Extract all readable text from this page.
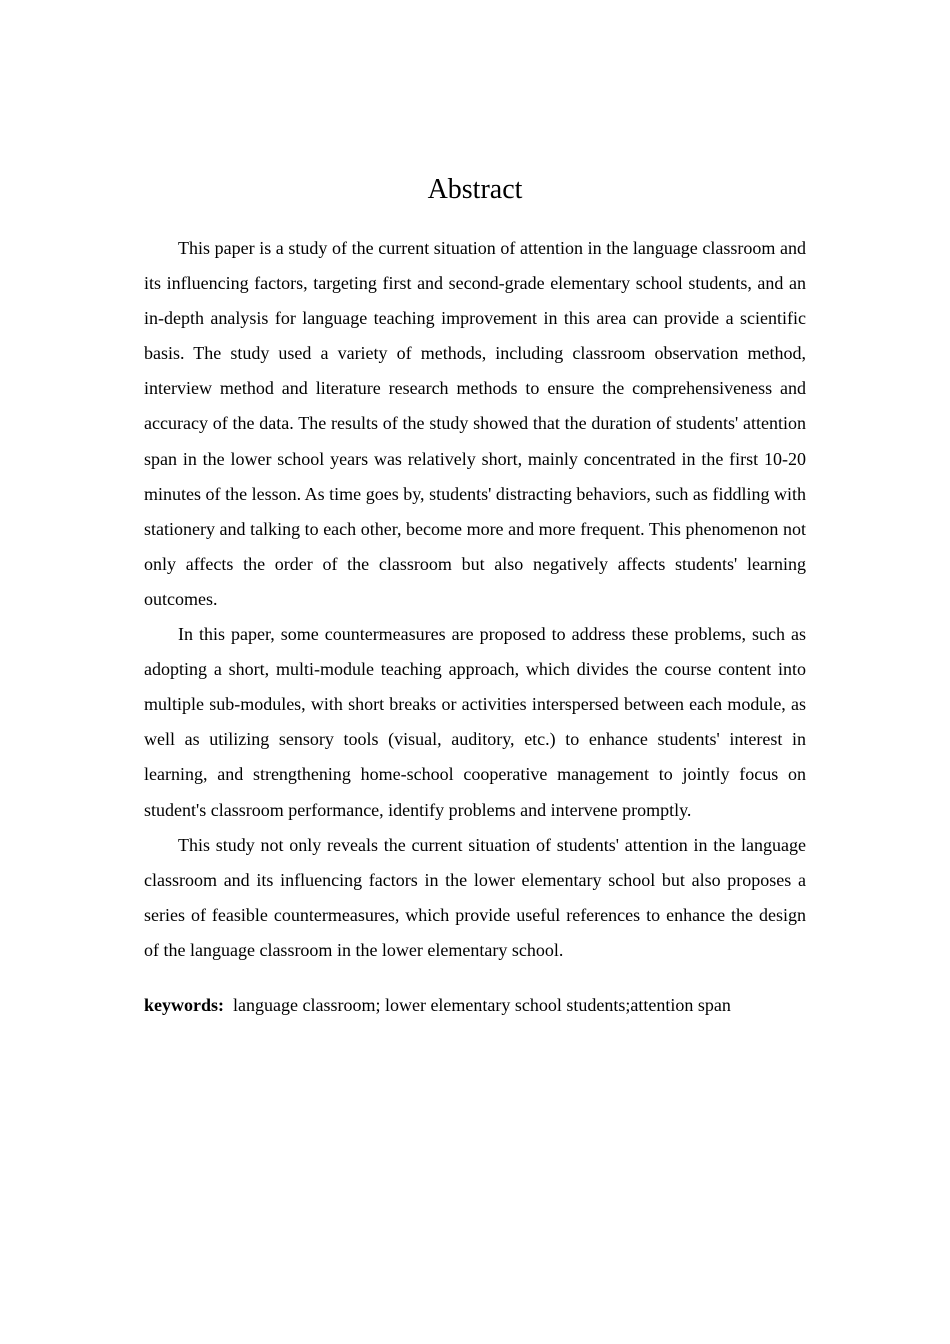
Abstract

This paper is a study of the current situation of attention in the language classroom and its influencing factors, targeting first and second-grade elementary school students, and an in-depth analysis for language teaching improvement in this area can provide a scientific basis. The study used a variety of methods, including classroom observation method, interview method and literature research methods to ensure the comprehensiveness and accuracy of the data. The results of the study showed that the duration of students' attention span in the lower school years was relatively short, mainly concentrated in the first 10-20 minutes of the lesson. As time goes by, students' distracting behaviors, such as fiddling with stationery and talking to each other, become more and more frequent. This phenomenon not only affects the order of the classroom but also negatively affects students' learning outcomes.

In this paper, some countermeasures are proposed to address these problems, such as adopting a short, multi-module teaching approach, which divides the course content into multiple sub-modules, with short breaks or activities interspersed between each module, as well as utilizing sensory tools (visual, auditory, etc.) to enhance students' interest in learning, and strengthening home-school cooperative management to jointly focus on student's classroom performance, identify problems and intervene promptly.

This study not only reveals the current situation of students' attention in the language classroom and its influencing factors in the lower elementary school but also proposes a series of feasible countermeasures, which provide useful references to enhance the design of the language classroom in the lower elementary school.

keywords: language classroom; lower elementary school students;attention span
